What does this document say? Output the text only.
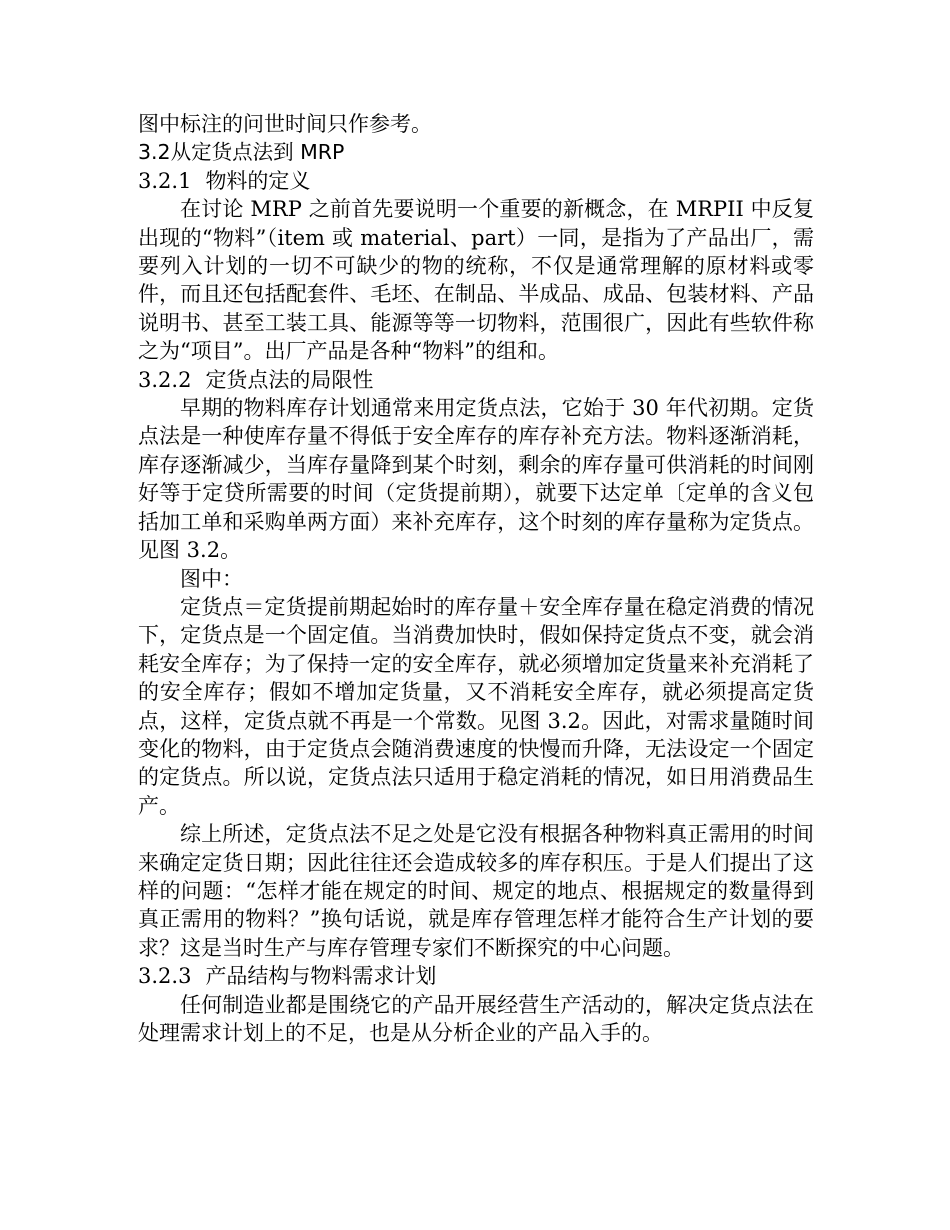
图中标注的问世时间只作参考。

3.2从定货点法到 MRP

3.2.1 物料的定义

在讨论 MRP 之前首先要说明一个重要的新概念，在 MRPII 中反复出现的“物料”（item 或 material、part）一同，是指为了产品出厂，需要列入计划的一切不可缺少的物的统称，不仅是通常理解的原材料或零件，而且还包括配套件、毛坯、在制品、半成品、成品、包装材料、产品说明书、甚至工装工具、能源等等一切物料，范围很广，因此有些软件称之为“项目”。出厂产品是各种“物料”的组和。

3.2.2 定货点法的局限性

早期的物料库存计划通常来用定货点法，它始于 30 年代初期。定货点法是一种使库存量不得低于安全库存的库存补充方法。物料逐渐消耗，库存逐渐减少，当库存量降到某个时刻，剩余的库存量可供消耗的时间刚好等于定贷所需要的时间（定货提前期），就要下达定单〔定单的含义包括加工单和采购单两方面）来补充库存，这个时刻的库存量称为定货点。见图 3.2。

图中：

定货点＝定货提前期起始时的库存量＋安全库存量在稳定消费的情况下，定货点是一个固定值。当消费加快时，假如保持定货点不变，就会消耗安全库存；为了保持一定的安全库存，就必须增加定货量来补充消耗了的安全库存；假如不增加定货量，又不消耗安全库存，就必须提高定货点，这样，定货点就不再是一个常数。见图 3.2。因此，对需求量随时间变化的物料，由于定货点会随消费速度的快慢而升降，无法设定一个固定的定货点。所以说，定货点法只适用于稳定消耗的情况，如日用消费品生产。

综上所述，定货点法不足之处是它没有根据各种物料真正需用的时间来确定定货日期；因此往往还会造成较多的库存积压。于是人们提出了这样的问题：“怎样才能在规定的时间、规定的地点、根据规定的数量得到真正需用的物料？”换句话说，就是库存管理怎样才能符合生产计划的要求？这是当时生产与库存管理专家们不断探究的中心问题。

3.2.3 产品结构与物料需求计划

任何制造业都是围绕它的产品开展经营生产活动的，解决定货点法在处理需求计划上的不足，也是从分析企业的产品入手的。
